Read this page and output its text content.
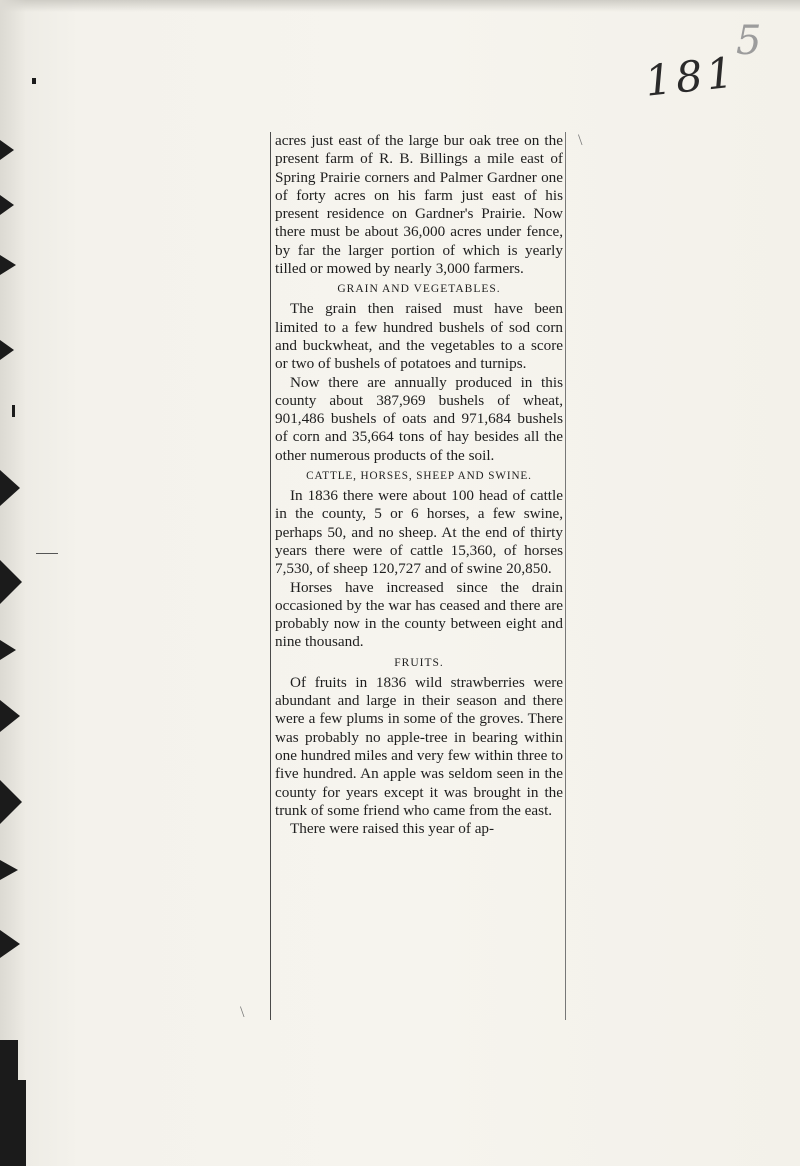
181
5
\
\

acres just east of the large bur oak tree on the present farm of R. B. Billings a mile east of Spring Prairie corners and Palmer Gardner one of forty acres on his farm just east of his present residence on Gardner's Prairie. Now there must be about 36,000 acres under fence, by far the larger portion of which is yearly tilled or mowed by nearly 3,000 farmers.

GRAIN AND VEGETABLES.

The grain then raised must have been limited to a few hundred bushels of sod corn and buckwheat, and the vegetables to a score or two of bushels of potatoes and turnips.

Now there are annually produced in this county about 387,969 bushels of wheat, 901,486 bushels of oats and 971,684 bushels of corn and 35,664 tons of hay besides all the other numerous products of the soil.

CATTLE, HORSES, SHEEP AND SWINE.

In 1836 there were about 100 head of cattle in the county, 5 or 6 horses, a few swine, perhaps 50, and no sheep. At the end of thirty years there were of cattle 15,360, of horses 7,530, of sheep 120,727 and of swine 20,850.

Horses have increased since the drain occasioned by the war has ceased and there are probably now in the county between eight and nine thousand.

FRUITS.

Of fruits in 1836 wild strawberries were abundant and large in their season and there were a few plums in some of the groves. There was probably no apple-tree in bearing within one hundred miles and very few within three to five hundred. An apple was seldom seen in the county for years except it was brought in the trunk of some friend who came from the east.

There were raised this year of ap-
